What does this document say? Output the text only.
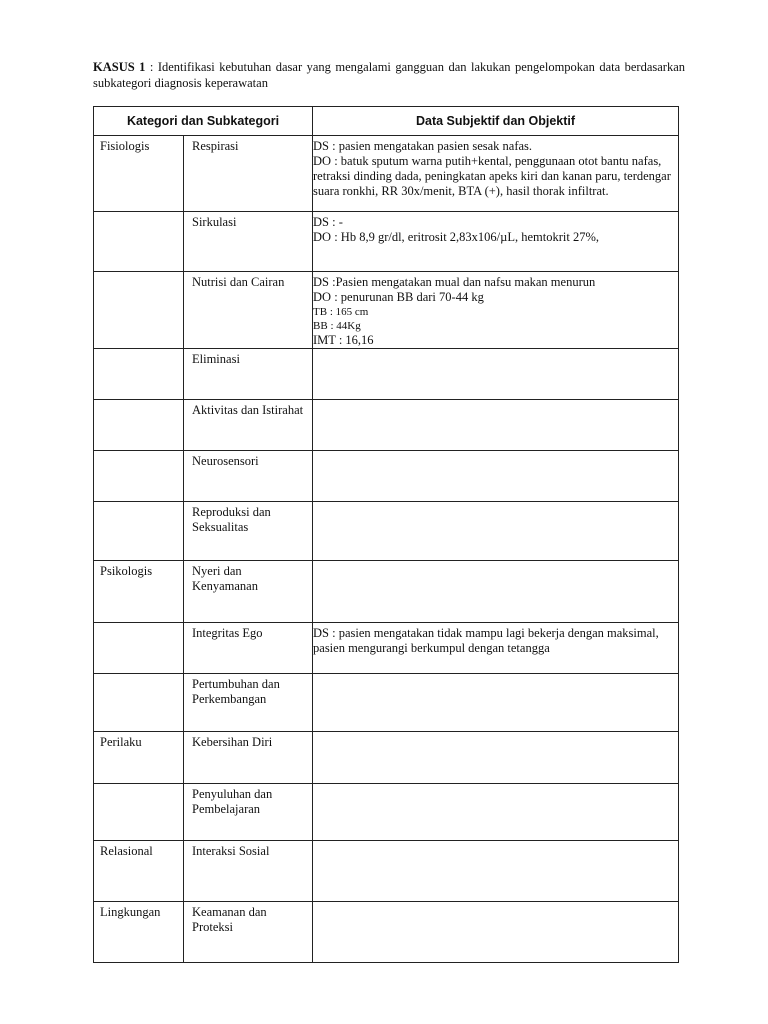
KASUS 1 : Identifikasi kebutuhan dasar yang mengalami gangguan dan lakukan pengelompokan data berdasarkan subkategori diagnosis keperawatan
Kategori dan Subkategori		Data Subjektif dan Objektif
Fisiologis	Respirasi	DS : pasien mengatakan pasien sesak nafas.
DO : batuk sputum warna putih+kental, penggunaan otot bantu nafas, retraksi dinding dada, peningkatan apeks kiri dan kanan paru, terdengar suara ronkhi, RR 30x/menit, BTA (+), hasil thorak infiltrat.

	Sirkulasi	DS : -
DO : Hb 8,9 gr/dl, eritrosit 2,83x106/µL, hemtokrit 27%,

	Nutrisi dan Cairan	DS :Pasien mengatakan mual dan nafsu makan menurun
DO : penurunan BB dari 70-44 kg
TB : 165 cm
BB : 44Kg
IMT : 16,16

	Eliminasi	
	Aktivitas dan Istirahat	
	Neurosensori	
	Reproduksi dan Seksualitas	
Psikologis	Nyeri dan Kenyamanan	
	Integritas Ego	DS : pasien mengatakan tidak mampu lagi bekerja dengan maksimal, pasien mengurangi berkumpul dengan tetangga

	Pertumbuhan dan Perkembangan	
Perilaku	Kebersihan Diri	
	Penyuluhan dan Pembelajaran	
Relasional	Interaksi Sosial	
Lingkungan	Keamanan dan Proteksi	
